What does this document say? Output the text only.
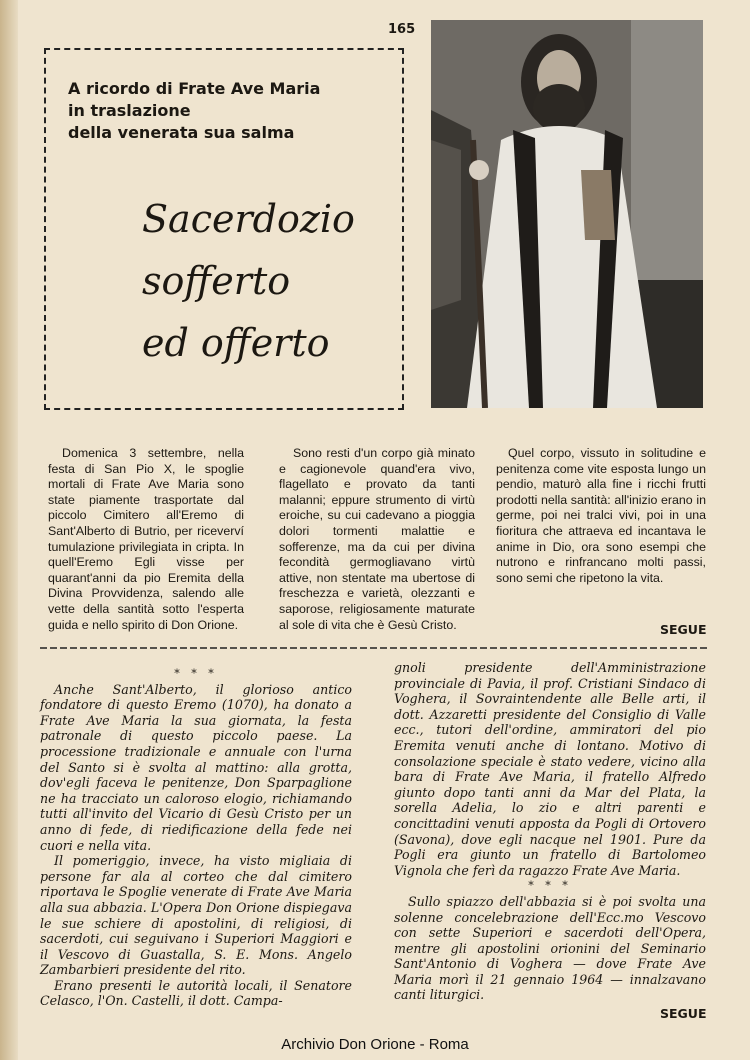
165
A ricordo di Frate Ave Maria
in traslazione
della venerata sua salma
Sacerdozio
sofferto
ed offerto

Domenica 3 settembre, nella festa di San Pio X, le spoglie mortali di Frate Ave Maria sono state piamente trasportate dal piccolo Cimitero all'Eremo di Sant'Alberto di Butrio, per riceverví tumulazione privilegiata in cripta. In quell'Eremo Egli visse per quarant'anni da pio Eremita della Divina Provvidenza, salendo alle vette della santità sotto l'esperta guida e nello spirito di Don Orione.

Sono resti d'un corpo già minato e cagionevole quand'era vivo, flagellato e provato da tanti malanni; eppure strumento di virtù eroiche, su cui cadevano a pioggia dolori tormenti malattie e sofferenze, ma da cui per divina fecondità germogliavano virtù attive, non stentate ma ubertose di freschezza e varietà, olezzanti e saporose, religiosamente maturate al sole di vita che è Gesù Cristo.

Quel corpo, vissuto in solitudine e penitenza come vite esposta lungo un pendio, maturò alla fine i ricchi frutti prodotti nella santità: all'inizio erano in germe, poi nei tralci vivi, poi in una fioritura che attraeva ed incantava le anime in Dio, ora sono esempi che nutrono e rinfrancano molti passi, sono semi che ripetono la vita.

SEGUE

* * *

Anche Sant'Alberto, il glorioso antico fondatore di questo Eremo (1070), ha donato a Frate Ave Maria la sua giornata, la festa patronale di questo piccolo paese. La processione tradizionale e annuale con l'urna del Santo si è svolta al mattino: alla grotta, dov'egli faceva le penitenze, Don Sparpaglione ne ha tracciato un caloroso elogio, richiamando tutti all'invito del Vicario di Gesù Cristo per un anno di fede, di riedificazione della fede nei cuori e nella vita.

Il pomeriggio, invece, ha visto migliaia di persone far ala al corteo che dal cimitero riportava le Spoglie venerate di Frate Ave Maria alla sua abbazia. L'Opera Don Orione dispiegava le sue schiere di apostolini, di religiosi, di sacerdoti, cui seguivano i Superiori Maggiori e il Vescovo di Guastalla, S. E. Mons. Angelo Zambarbieri presidente del rito.

Erano presenti le autorità locali, il Senatore Celasco, l'On. Castelli, il dott. Campa-

gnoli presidente dell'Amministrazione provinciale di Pavia, il prof. Cristiani Sindaco di Voghera, il Sovraintendente alle Belle arti, il dott. Azzaretti presidente del Consiglio di Valle ecc., tutori dell'ordine, ammiratori del pio Eremita venuti anche di lontano. Motivo di consolazione speciale è stato vedere, vicino alla bara di Frate Ave Maria, il fratello Alfredo giunto dopo tanti anni da Mar del Plata, la sorella Adelia, lo zio e altri parenti e concittadini venuti apposta da Pogli di Ortovero (Savona), dove egli nacque nel 1901. Pure da Pogli era giunto un fratello di Bartolomeo Vignola che ferì da ragazzo Frate Ave Maria.

* * *

Sullo spiazzo dell'abbazia si è poi svolta una solenne concelebrazione dell'Ecc.mo Vescovo con sette Superiori e sacerdoti dell'Opera, mentre gli apostolini orionini del Seminario Sant'Antonio di Voghera — dove Frate Ave Maria morì il 21 gennaio 1964 — innalzavano canti liturgici.

SEGUE
Archivio Don Orione - Roma
